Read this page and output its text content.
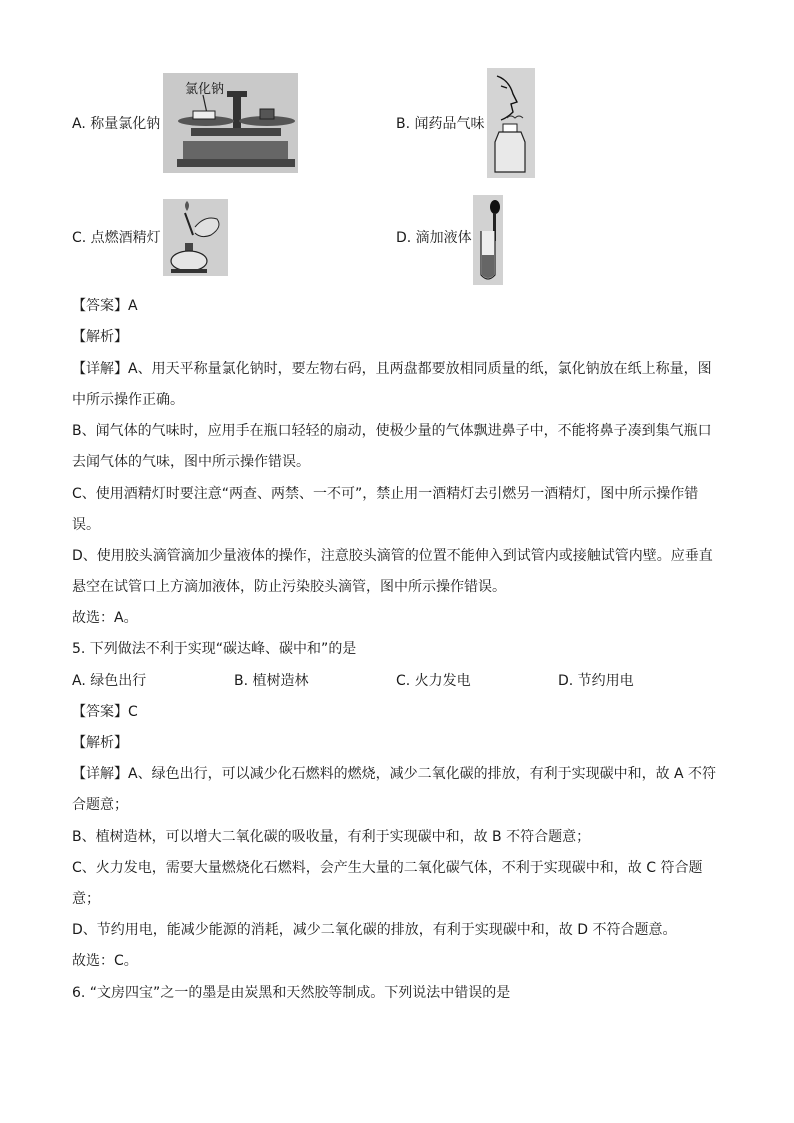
A. 称量氯化钠
氯化钠
B. 闻药品气味
C. 点燃酒精灯	D. 滴加液体
【答案】A
【解析】
【详解】A、用天平称量氯化钠时，要左物右码，且两盘都要放相同质量的纸，氯化钠放在纸上称量，图
中所示操作正确。
B、闻气体的气味时，应用手在瓶口轻轻的扇动，使极少量的气体飘进鼻子中，不能将鼻子凑到集气瓶口
去闻气体的气味，图中所示操作错误。
C、使用酒精灯时要注意“两查、两禁、一不可”，禁止用一酒精灯去引燃另一酒精灯，图中所示操作错
误。
D、使用胶头滴管滴加少量液体的操作，注意胶头滴管的位置不能伸入到试管内或接触试管内壁。应垂直
悬空在试管口上方滴加液体，防止污染胶头滴管，图中所示操作错误。
故选：A。
5. 下列做法不利于实现“碳达峰、碳中和”的是
A. 绿色出行	B. 植树造林	C. 火力发电	D. 节约用电
【答案】C
【解析】
【详解】A、绿色出行，可以减少化石燃料的燃烧，减少二氧化碳的排放，有利于实现碳中和，故 A 不符
合题意；
B、植树造林，可以增大二氧化碳的吸收量，有利于实现碳中和，故 B 不符合题意；
C、火力发电，需要大量燃烧化石燃料，会产生大量的二氧化碳气体，不利于实现碳中和，故 C 符合题
意；
D、节约用电，能减少能源的消耗，减少二氧化碳的排放，有利于实现碳中和，故 D 不符合题意。
故选：C。
6. “文房四宝”之一的墨是由炭黑和天然胶等制成。下列说法中错误的是
